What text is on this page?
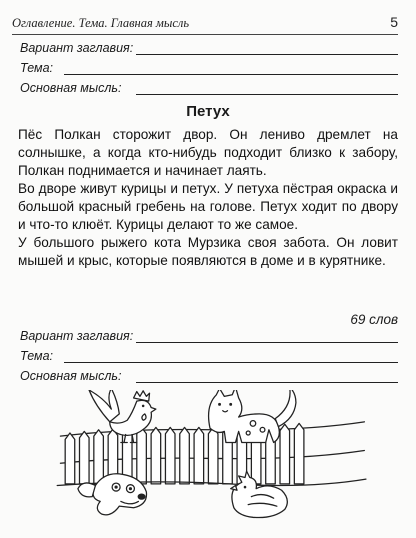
Оглавление. Тема. Главная мысль	5
Вариант заглавия:
Тема:
Основная мысль:
Петух

Пёс Полкан сторожит двор. Он лениво дремлет на солнышке, а когда кто-нибудь подходит близко к забору, Полкан поднимается и начинает лаять.

Во дворе живут курицы и петух. У петуха пёстрая окраска и большой красный гребень на голове. Петух ходит по двору и что-то клюёт. Курицы делают то же самое.

У большого рыжего кота Мурзика своя забота. Он ловит мышей и крыс, которые появляются в доме и в курятнике.

69 слов
Вариант заглавия:
Тема:
Основная мысль:
